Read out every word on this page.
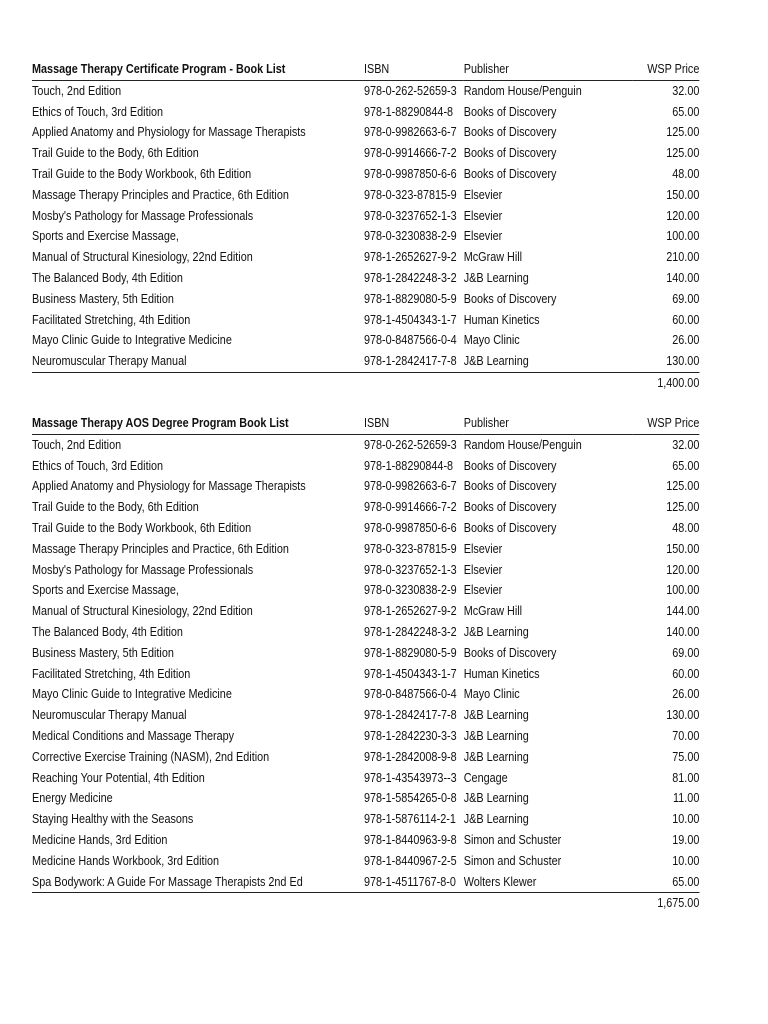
Massage Therapy Certificate Program - Book List	ISBN	Publisher	WSP Price
Touch, 2nd Edition	978-0-262-52659-3	Random House/Penguin	32.00
Ethics of Touch, 3rd Edition	978-1-88290844-8	Books of Discovery	65.00
Applied Anatomy and Physiology for Massage Therapists	978-0-9982663-6-7	Books of Discovery	125.00
Trail Guide to the Body, 6th Edition	978-0-9914666-7-2	Books of Discovery	125.00
Trail Guide to the Body Workbook, 6th Edition	978-0-9987850-6-6	Books of Discovery	48.00
Massage Therapy Principles and Practice, 6th Edition	978-0-323-87815-9	Elsevier	150.00
Mosby's Pathology for Massage Professionals	978-0-3237652-1-3	Elsevier	120.00
Sports and Exercise Massage,	978-0-3230838-2-9	Elsevier	100.00
Manual of Structural Kinesiology, 22nd Edition	978-1-2652627-9-2	McGraw Hill	210.00
The Balanced Body, 4th Edition	978-1-2842248-3-2	J&B Learning	140.00
Business Mastery, 5th Edition	978-1-8829080-5-9	Books of Discovery	69.00
Facilitated Stretching, 4th Edition	978-1-4504343-1-7	Human Kinetics	60.00
Mayo Clinic Guide to Integrative Medicine	978-0-8487566-0-4	Mayo Clinic	26.00
Neuromuscular Therapy Manual	978-1-2842417-7-8	J&B Learning	130.00
			1,400.00
Massage Therapy AOS Degree Program Book List	ISBN	Publisher	WSP Price
Touch, 2nd Edition	978-0-262-52659-3	Random House/Penguin	32.00
Ethics of Touch, 3rd Edition	978-1-88290844-8	Books of Discovery	65.00
Applied Anatomy and Physiology for Massage Therapists	978-0-9982663-6-7	Books of Discovery	125.00
Trail Guide to the Body, 6th Edition	978-0-9914666-7-2	Books of Discovery	125.00
Trail Guide to the Body Workbook, 6th Edition	978-0-9987850-6-6	Books of Discovery	48.00
Massage Therapy Principles and Practice, 6th Edition	978-0-323-87815-9	Elsevier	150.00
Mosby's Pathology for Massage Professionals	978-0-3237652-1-3	Elsevier	120.00
Sports and Exercise Massage,	978-0-3230838-2-9	Elsevier	100.00
Manual of Structural Kinesiology, 22nd Edition	978-1-2652627-9-2	McGraw Hill	144.00
The Balanced Body, 4th Edition	978-1-2842248-3-2	J&B Learning	140.00
Business Mastery, 5th Edition	978-1-8829080-5-9	Books of Discovery	69.00
Facilitated Stretching, 4th Edition	978-1-4504343-1-7	Human Kinetics	60.00
Mayo Clinic Guide to Integrative Medicine	978-0-8487566-0-4	Mayo Clinic	26.00
Neuromuscular Therapy Manual	978-1-2842417-7-8	J&B Learning	130.00
Medical Conditions and Massage Therapy	978-1-2842230-3-3	J&B Learning	70.00
Corrective Exercise Training (NASM), 2nd Edition	978-1-2842008-9-8	J&B Learning	75.00
Reaching Your Potential, 4th Edition	978-1-43543973--3	Cengage	81.00
Energy Medicine	978-1-5854265-0-8	J&B Learning	11.00
Staying Healthy with the Seasons	978-1-5876114-2-1	J&B Learning	10.00
Medicine Hands, 3rd Edition	978-1-8440963-9-8	Simon and Schuster	19.00
Medicine Hands Workbook, 3rd Edition	978-1-8440967-2-5	Simon and Schuster	10.00
Spa Bodywork: A Guide For Massage Therapists 2nd Ed	978-1-4511767-8-0	Wolters Klewer	65.00
			1,675.00
